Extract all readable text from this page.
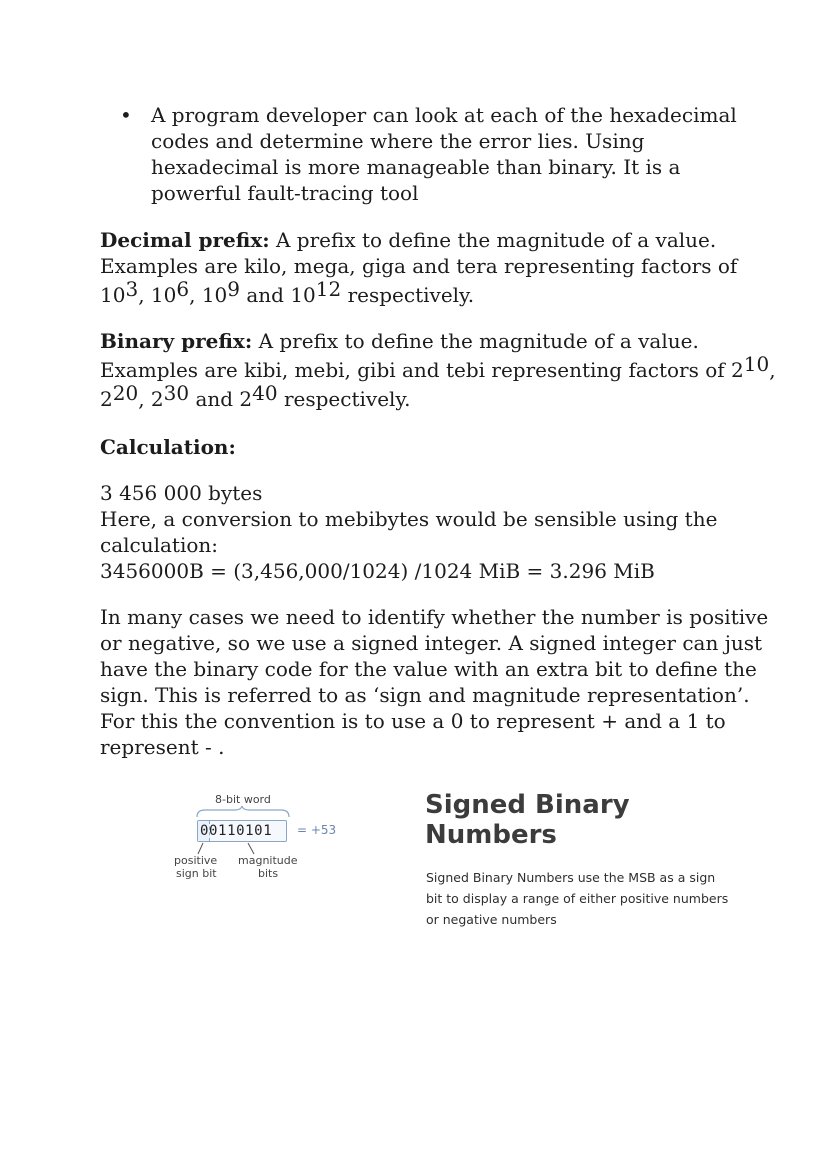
• A program developer can look at each of the hexadecimal
codes and determine where the error lies. Using
hexadecimal is more manageable than binary. It is a
powerful fault-tracing tool
Decimal prefix: A prefix to define the magnitude of a value.
Examples are kilo, mega, giga and tera representing factors of
$10^3$, $10^6$, $10^9$ and $10^{12}$ respectively.
Binary prefix: A prefix to define the magnitude of a value.
Examples are kibi, mebi, gibi and tebi representing factors of $2^{10}$,
$2^{20}$, $2^{30}$ and $2^{40}$ respectively.
Calculation:
3 456 000 bytes
Here, a conversion to mebibytes would be sensible using the
calculation:
3456000B = (3,456,000/1024) /1024 MiB = 3.296 MiB
In many cases we need to identify whether the number is positive
or negative, so we use a signed integer. A signed integer can just
have the binary code for the value with an extra bit to define the
sign. This is referred to as ‘sign and magnitude representation’.
For this the convention is to use a 0 to represent + and a 1 to
represent - .
8-bit word
00110101 = +53
positive
sign bit
magnitude
bits
Signed Binary
Numbers
Signed Binary Numbers use the MSB as a sign
bit to display a range of either positive numbers
or negative numbers
